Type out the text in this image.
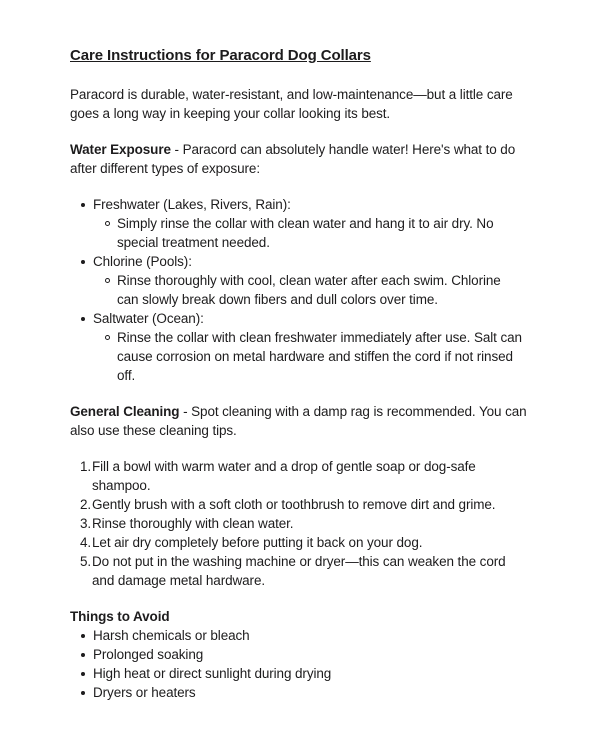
Care Instructions for Paracord Dog Collars
Paracord is durable, water-resistant, and low-maintenance—but a little care
goes a long way in keeping your collar looking its best.
Water Exposure - Paracord can absolutely handle water! Here's what to do
after different types of exposure:
Freshwater (Lakes, Rivers, Rain):
Simply rinse the collar with clean water and hang it to air dry. No
special treatment needed.
Chlorine (Pools):
Rinse thoroughly with cool, clean water after each swim. Chlorine
can slowly break down fibers and dull colors over time.
Saltwater (Ocean):
Rinse the collar with clean freshwater immediately after use. Salt can
cause corrosion on metal hardware and stiffen the cord if not rinsed
off.
General Cleaning - Spot cleaning with a damp rag is recommended. You can
also use these cleaning tips.
1. Fill a bowl with warm water and a drop of gentle soap or dog-safe
shampoo.
2. Gently brush with a soft cloth or toothbrush to remove dirt and grime.
3. Rinse thoroughly with clean water.
4. Let air dry completely before putting it back on your dog.
5. Do not put in the washing machine or dryer—this can weaken the cord
and damage metal hardware.
Things to Avoid
Harsh chemicals or bleach
Prolonged soaking
High heat or direct sunlight during drying
Dryers or heaters
